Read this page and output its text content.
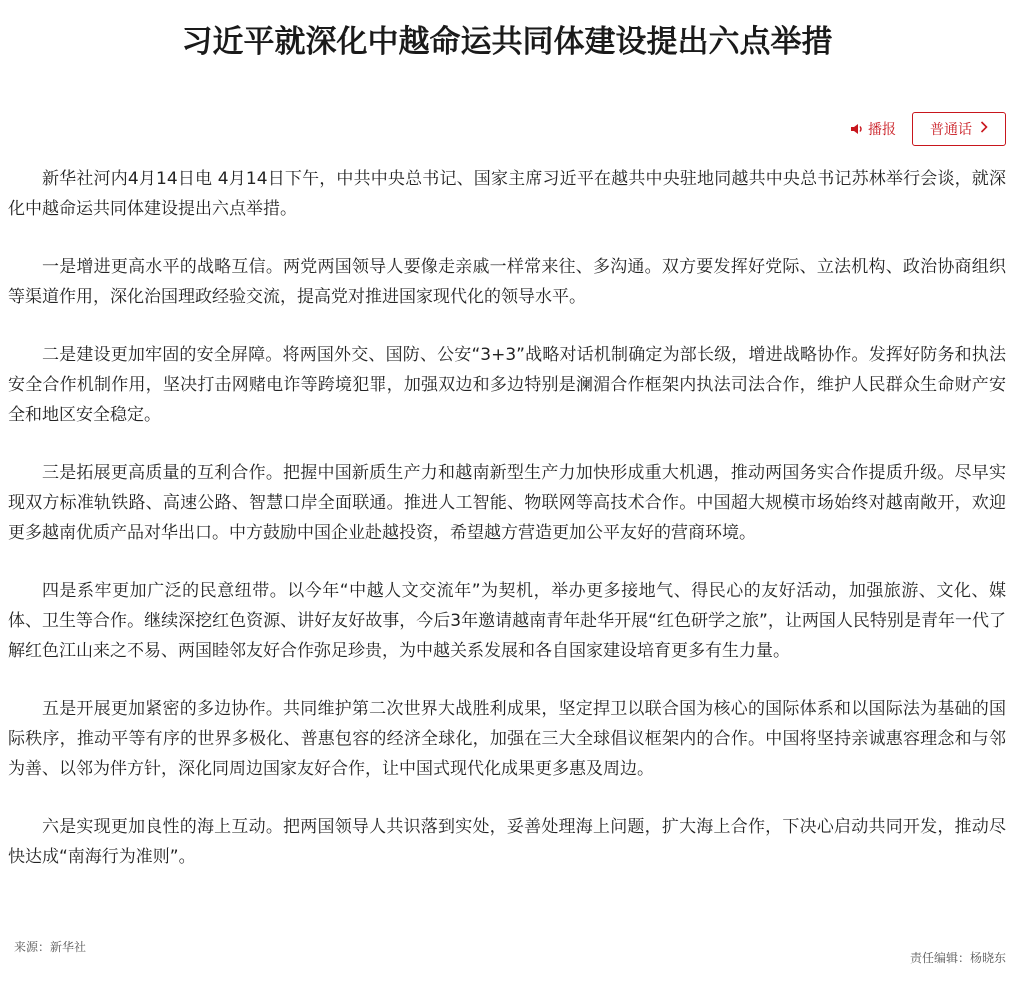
习近平就深化中越命运共同体建设提出六点举措
播报 普通话

新华社河内4月14日电 4月14日下午，中共中央总书记、国家主席习近平在越共中央驻地同越共中央总书记苏林举行会谈，就深化中越命运共同体建设提出六点举措。

一是增进更高水平的战略互信。两党两国领导人要像走亲戚一样常来往、多沟通。双方要发挥好党际、立法机构、政治协商组织等渠道作用，深化治国理政经验交流，提高党对推进国家现代化的领导水平。

二是建设更加牢固的安全屏障。将两国外交、国防、公安“3+3”战略对话机制确定为部长级，增进战略协作。发挥好防务和执法安全合作机制作用，坚决打击网赌电诈等跨境犯罪，加强双边和多边特别是澜湄合作框架内执法司法合作，维护人民群众生命财产安全和地区安全稳定。

三是拓展更高质量的互利合作。把握中国新质生产力和越南新型生产力加快形成重大机遇，推动两国务实合作提质升级。尽早实现双方标准轨铁路、高速公路、智慧口岸全面联通。推进人工智能、物联网等高技术合作。中国超大规模市场始终对越南敞开，欢迎更多越南优质产品对华出口。中方鼓励中国企业赴越投资，希望越方营造更加公平友好的营商环境。

四是系牢更加广泛的民意纽带。以今年“中越人文交流年”为契机，举办更多接地气、得民心的友好活动，加强旅游、文化、媒体、卫生等合作。继续深挖红色资源、讲好友好故事，今后3年邀请越南青年赴华开展“红色研学之旅”，让两国人民特别是青年一代了解红色江山来之不易、两国睦邻友好合作弥足珍贵，为中越关系发展和各自国家建设培育更多有生力量。

五是开展更加紧密的多边协作。共同维护第二次世界大战胜利成果，坚定捍卫以联合国为核心的国际体系和以国际法为基础的国际秩序，推动平等有序的世界多极化、普惠包容的经济全球化，加强在三大全球倡议框架内的合作。中国将坚持亲诚惠容理念和与邻为善、以邻为伴方针，深化同周边国家友好合作，让中国式现代化成果更多惠及周边。

六是实现更加良性的海上互动。把两国领导人共识落到实处，妥善处理海上问题，扩大海上合作，下决心启动共同开发，推动尽快达成“南海行为准则”。

来源：新华社
责任编辑：杨晓东
